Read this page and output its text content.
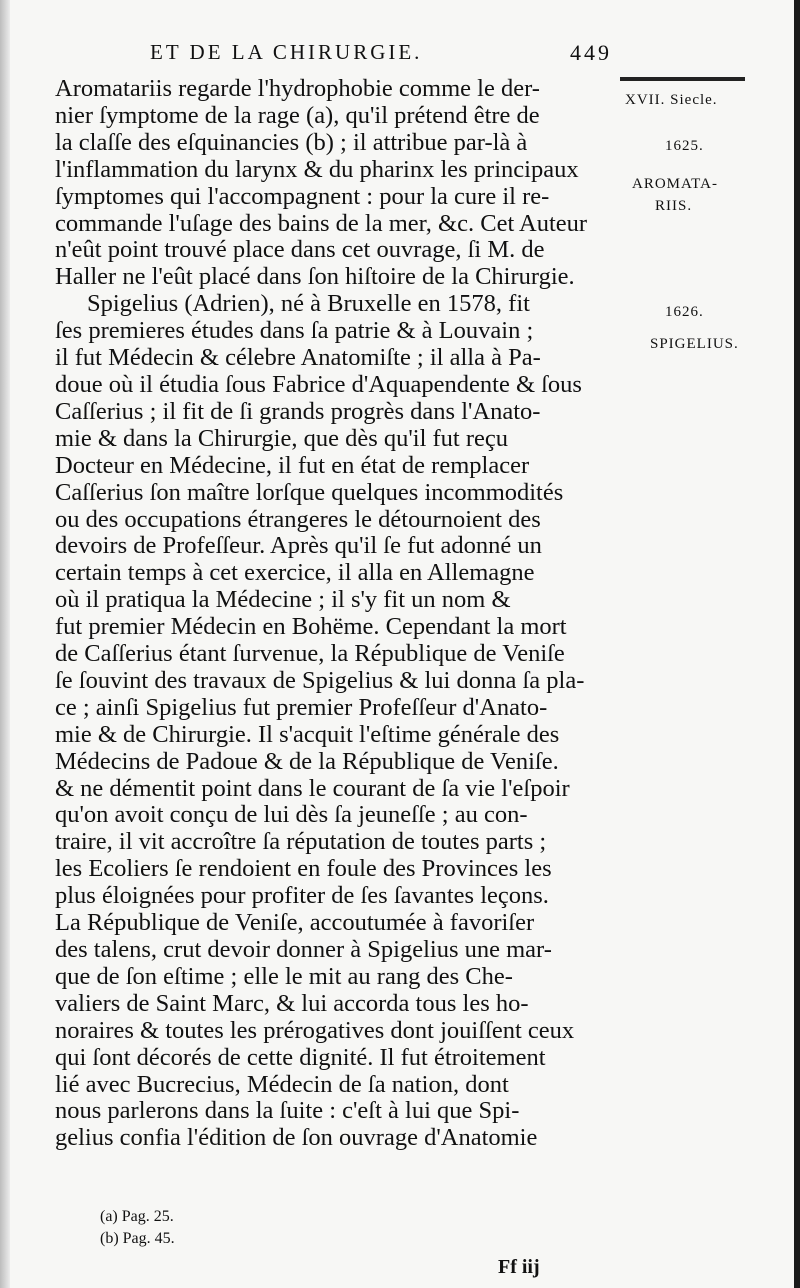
ET DE LA CHIRURGIE.	449
XVII. Siecle.
1625.
AROMATA-
RIIS.
1626.
SPIGELIUS.
Aromatariis regarde l'hydrophobie comme le der-
nier ſymptome de la rage (a), qu'il prétend être de
la claſſe des eſquinancies (b) ; il attribue par-là à
l'inflammation du larynx & du pharinx les principaux
ſymptomes qui l'accompagnent : pour la cure il re-
commande l'uſage des bains de la mer, &c. Cet Auteur
n'eût point trouvé place dans cet ouvrage, ſi M. de
Haller ne l'eût placé dans ſon hiſtoire de la Chirurgie.
Spigelius (Adrien), né à Bruxelle en 1578, fit
ſes premieres études dans ſa patrie & à Louvain ;
il fut Médecin & célebre Anatomiſte ; il alla à Pa-
doue où il étudia ſous Fabrice d'Aquapendente & ſous
Caſſerius ; il fit de ſi grands progrès dans l'Anato-
mie & dans la Chirurgie, que dès qu'il fut reçu
Docteur en Médecine, il fut en état de remplacer
Caſſerius ſon maître lorſque quelques incommodités
ou des occupations étrangeres le détournoient des
devoirs de Profeſſeur. Après qu'il ſe fut adonné un
certain temps à cet exercice, il alla en Allemagne
où il pratiqua la Médecine ; il s'y fit un nom &
fut premier Médecin en Bohëme. Cependant la mort
de Caſſerius étant ſurvenue, la République de Veniſe
ſe ſouvint des travaux de Spigelius & lui donna ſa pla-
ce ; ainſi Spigelius fut premier Profeſſeur d'Anato-
mie & de Chirurgie. Il s'acquit l'eſtime générale des
Médecins de Padoue & de la République de Veniſe.
& ne démentit point dans le courant de ſa vie l'eſpoir
qu'on avoit conçu de lui dès ſa jeuneſſe ; au con-
traire, il vit accroître ſa réputation de toutes parts ;
les Ecoliers ſe rendoient en foule des Provinces les
plus éloignées pour profiter de ſes ſavantes leçons.
La République de Veniſe, accoutumée à favoriſer
des talens, crut devoir donner à Spigelius une mar-
que de ſon eſtime ; elle le mit au rang des Che-
valiers de Saint Marc, & lui accorda tous les ho-
noraires & toutes les prérogatives dont jouiſſent ceux
qui ſont décorés de cette dignité. Il fut étroitement
lié avec Bucrecius, Médecin de ſa nation, dont
nous parlerons dans la ſuite : c'eſt à lui que Spi-
gelius confia l'édition de ſon ouvrage d'Anatomie
(a) Pag. 25.
(b) Pag. 45.
Ff iij
